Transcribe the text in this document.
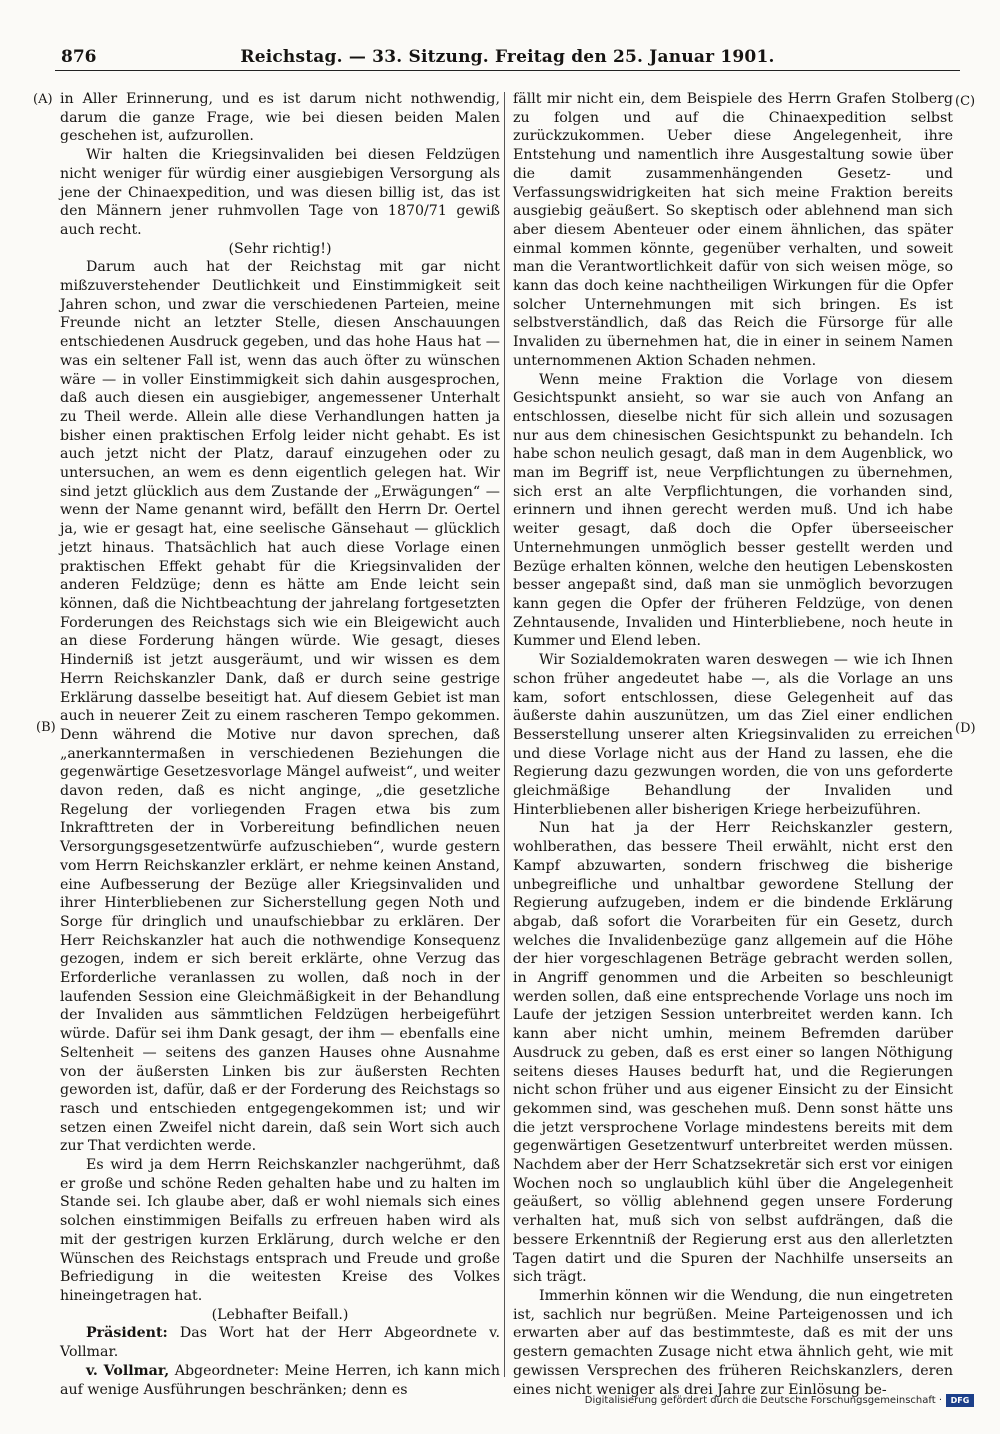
876	Reichstag. — 33. Sitzung. Freitag den 25. Januar 1901.
(A)
(B)
(C)
(D)

in Aller Erinnerung, und es ist darum nicht nothwendig, darum die ganze Frage, wie bei diesen beiden Malen geschehen ist, aufzurollen.

Wir halten die Kriegsinvaliden bei diesen Feldzügen nicht weniger für würdig einer ausgiebigen Versorgung als jene der Chinaexpedition, und was diesen billig ist, das ist den Männern jener ruhmvollen Tage von 1870/71 gewiß auch recht.

(Sehr richtig!)

Darum auch hat der Reichstag mit gar nicht mißzuverstehender Deutlichkeit und Einstimmigkeit seit Jahren schon, und zwar die verschiedenen Parteien, meine Freunde nicht an letzter Stelle, diesen Anschauungen entschiedenen Ausdruck gegeben, und das hohe Haus hat — was ein seltener Fall ist, wenn das auch öfter zu wünschen wäre — in voller Einstimmigkeit sich dahin ausgesprochen, daß auch diesen ein ausgiebiger, angemessener Unterhalt zu Theil werde. Allein alle diese Verhandlungen hatten ja bisher einen praktischen Erfolg leider nicht gehabt. Es ist auch jetzt nicht der Platz, darauf einzugehen oder zu untersuchen, an wem es denn eigentlich gelegen hat. Wir sind jetzt glücklich aus dem Zustande der „Erwägungen“ — wenn der Name genannt wird, befällt den Herrn Dr. Oertel ja, wie er gesagt hat, eine seelische Gänsehaut — glücklich jetzt hinaus. Thatsächlich hat auch diese Vorlage einen praktischen Effekt gehabt für die Kriegsinvaliden der anderen Feldzüge; denn es hätte am Ende leicht sein können, daß die Nichtbeachtung der jahrelang fortgesetzten Forderungen des Reichstags sich wie ein Bleigewicht auch an diese Forderung hängen würde. Wie gesagt, dieses Hinderniß ist jetzt ausgeräumt, und wir wissen es dem Herrn Reichskanzler Dank, daß er durch seine gestrige Erklärung dasselbe beseitigt hat. Auf diesem Gebiet ist man auch in neuerer Zeit zu einem rascheren Tempo gekommen. Denn während die Motive nur davon sprechen, daß „anerkanntermaßen in verschiedenen Beziehungen die gegenwärtige Gesetzesvorlage Mängel aufweist“, und weiter davon reden, daß es nicht anginge, „die gesetzliche Regelung der vorliegenden Fragen etwa bis zum Inkrafttreten der in Vorbereitung befindlichen neuen Versorgungsgesetzentwürfe aufzuschieben“, wurde gestern vom Herrn Reichskanzler erklärt, er nehme keinen Anstand, eine Aufbesserung der Bezüge aller Kriegsinvaliden und ihrer Hinterbliebenen zur Sicherstellung gegen Noth und Sorge für dringlich und unaufschiebbar zu erklären. Der Herr Reichskanzler hat auch die nothwendige Konsequenz gezogen, indem er sich bereit erklärte, ohne Verzug das Erforderliche veranlassen zu wollen, daß noch in der laufenden Session eine Gleichmäßigkeit in der Behandlung der Invaliden aus sämmtlichen Feldzügen herbeigeführt würde. Dafür sei ihm Dank gesagt, der ihm — ebenfalls eine Seltenheit — seitens des ganzen Hauses ohne Ausnahme von der äußersten Linken bis zur äußersten Rechten geworden ist, dafür, daß er der Forderung des Reichstags so rasch und entschieden entgegengekommen ist; und wir setzen einen Zweifel nicht darein, daß sein Wort sich auch zur That verdichten werde.

Es wird ja dem Herrn Reichskanzler nachgerühmt, daß er große und schöne Reden gehalten habe und zu halten im Stande sei. Ich glaube aber, daß er wohl niemals sich eines solchen einstimmigen Beifalls zu erfreuen haben wird als mit der gestrigen kurzen Erklärung, durch welche er den Wünschen des Reichstags entsprach und Freude und große Befriedigung in die weitesten Kreise des Volkes hineingetragen hat.

(Lebhafter Beifall.)

Präsident: Das Wort hat der Herr Abgeordnete v. Vollmar.

v. Vollmar, Abgeordneter: Meine Herren, ich kann mich auf wenige Ausführungen beschränken; denn es

fällt mir nicht ein, dem Beispiele des Herrn Grafen Stolberg zu folgen und auf die Chinaexpedition selbst zurückzukommen. Ueber diese Angelegenheit, ihre Entstehung und namentlich ihre Ausgestaltung sowie über die damit zusammenhängenden Gesetz- und Verfassungswidrigkeiten hat sich meine Fraktion bereits ausgiebig geäußert. So skeptisch oder ablehnend man sich aber diesem Abenteuer oder einem ähnlichen, das später einmal kommen könnte, gegenüber verhalten, und soweit man die Verantwortlichkeit dafür von sich weisen möge, so kann das doch keine nachtheiligen Wirkungen für die Opfer solcher Unternehmungen mit sich bringen. Es ist selbstverständlich, daß das Reich die Fürsorge für alle Invaliden zu übernehmen hat, die in einer in seinem Namen unternommenen Aktion Schaden nehmen.

Wenn meine Fraktion die Vorlage von diesem Gesichtspunkt ansieht, so war sie auch von Anfang an entschlossen, dieselbe nicht für sich allein und sozusagen nur aus dem chinesischen Gesichtspunkt zu behandeln. Ich habe schon neulich gesagt, daß man in dem Augenblick, wo man im Begriff ist, neue Verpflichtungen zu übernehmen, sich erst an alte Verpflichtungen, die vorhanden sind, erinnern und ihnen gerecht werden muß. Und ich habe weiter gesagt, daß doch die Opfer überseeischer Unternehmungen unmöglich besser gestellt werden und Bezüge erhalten können, welche den heutigen Lebenskosten besser angepaßt sind, daß man sie unmöglich bevorzugen kann gegen die Opfer der früheren Feldzüge, von denen Zehntausende, Invaliden und Hinterbliebene, noch heute in Kummer und Elend leben.

Wir Sozialdemokraten waren deswegen — wie ich Ihnen schon früher angedeutet habe —, als die Vorlage an uns kam, sofort entschlossen, diese Gelegenheit auf das äußerste dahin auszunützen, um das Ziel einer endlichen Besserstellung unserer alten Kriegsinvaliden zu erreichen und diese Vorlage nicht aus der Hand zu lassen, ehe die Regierung dazu gezwungen worden, die von uns geforderte gleichmäßige Behandlung der Invaliden und Hinterbliebenen aller bisherigen Kriege herbeizuführen.

Nun hat ja der Herr Reichskanzler gestern, wohlberathen, das bessere Theil erwählt, nicht erst den Kampf abzuwarten, sondern frischweg die bisherige unbegreifliche und unhaltbar gewordene Stellung der Regierung aufzugeben, indem er die bindende Erklärung abgab, daß sofort die Vorarbeiten für ein Gesetz, durch welches die Invalidenbezüge ganz allgemein auf die Höhe der hier vorgeschlagenen Beträge gebracht werden sollen, in Angriff genommen und die Arbeiten so beschleunigt werden sollen, daß eine entsprechende Vorlage uns noch im Laufe der jetzigen Session unterbreitet werden kann. Ich kann aber nicht umhin, meinem Befremden darüber Ausdruck zu geben, daß es erst einer so langen Nöthigung seitens dieses Hauses bedurft hat, und die Regierungen nicht schon früher und aus eigener Einsicht zu der Einsicht gekommen sind, was geschehen muß. Denn sonst hätte uns die jetzt versprochene Vorlage mindestens bereits mit dem gegenwärtigen Gesetzentwurf unterbreitet werden müssen. Nachdem aber der Herr Schatzsekretär sich erst vor einigen Wochen noch so unglaublich kühl über die Angelegenheit geäußert, so völlig ablehnend gegen unsere Forderung verhalten hat, muß sich von selbst aufdrängen, daß die bessere Erkenntniß der Regierung erst aus den allerletzten Tagen datirt und die Spuren der Nachhilfe unserseits an sich trägt.

Immerhin können wir die Wendung, die nun eingetreten ist, sachlich nur begrüßen. Meine Parteigenossen und ich erwarten aber auf das bestimmteste, daß es mit der uns gestern gemachten Zusage nicht etwa ähnlich geht, wie mit gewissen Versprechen des früheren Reichskanzlers, deren eines nicht weniger als drei Jahre zur Einlösung be-

Digitalisierung gefördert durch die Deutsche Forschungsgemeinschaft ·	DFG
